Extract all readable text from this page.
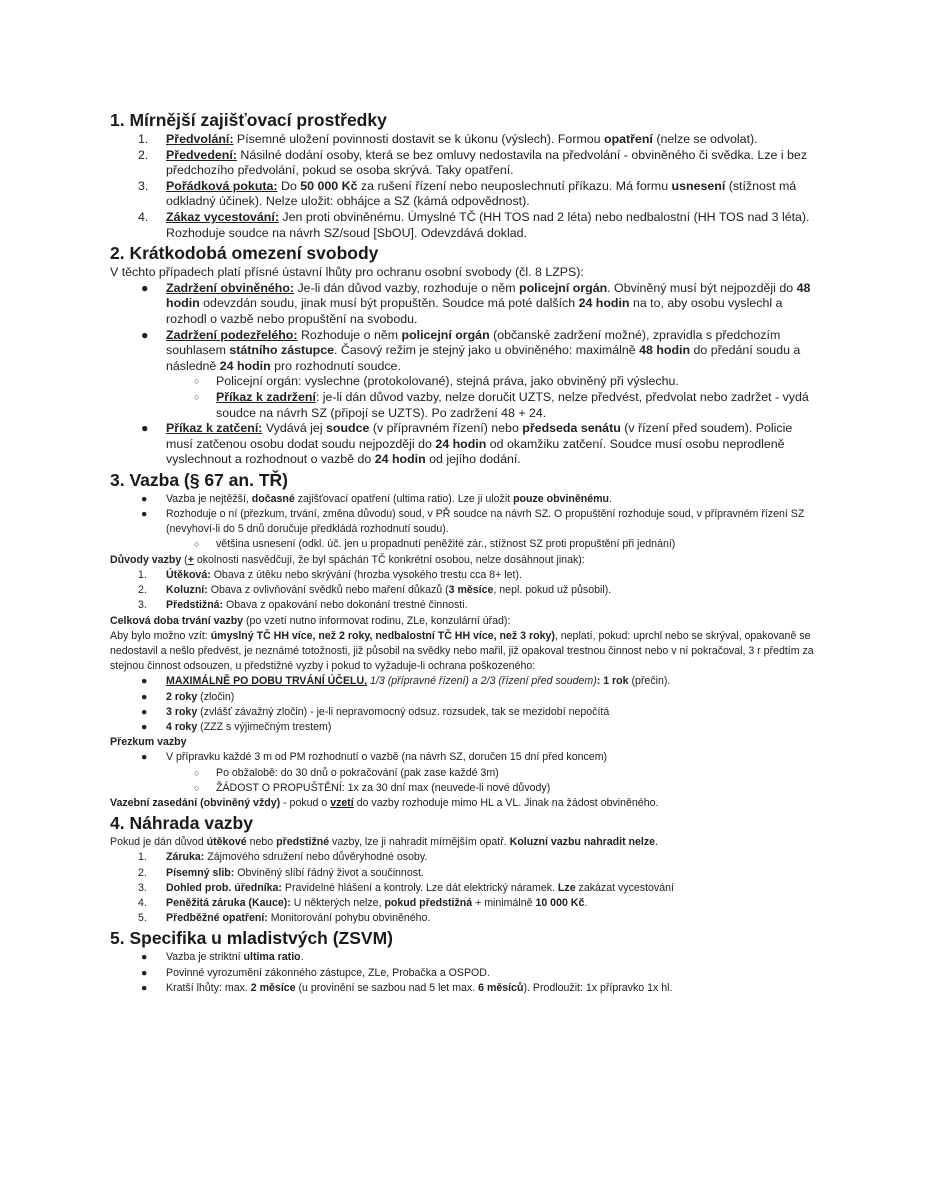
1. Mírnější zajišťovací prostředky
1. Předvolání: Písemné uložení povinnosti dostavit se k úkonu (výslech). Formou opatření (nelze se odvolat).
2. Předvedení: Násilné dodání osoby, která se bez omluvy nedostavila na předvolání - obviněného či svědka. Lze i bez předchozího předvolání, pokud se osoba skrývá. Taky opatření.
3. Pořádková pokuta: Do 50 000 Kč za rušení řízení nebo neuposlechnutí příkazu. Má formu usnesení (stížnost má odkladný účinek). Nelze uložit: obhájce a SZ (kámá odpovědnost).
4. Zákaz vycestování: Jen proti obviněnému. Úmyslné TČ (HH TOS nad 2 léta) nebo nedbalostní (HH TOS nad 3 léta). Rozhoduje soudce na návrh SZ/soud [SbOU]. Odevzdává doklad.
2. Krátkodobá omezení svobody

V těchto případech platí přísné ústavní lhůty pro ochranu osobní svobody (čl. 8 LZPS):

● Zadržení obviněného: Je-li dán důvod vazby, rozhoduje o něm policejní orgán. Obviněný musí být nejpozději do 48 hodin odevzdán soudu, jinak musí být propuštěn. Soudce má poté dalších 24 hodin na to, aby osobu vyslechl a rozhodl o vazbě nebo propuštění na svobodu.
● Zadržení podezřelého: Rozhoduje o něm policejní orgán (občanské zadržení možné), zpravidla s předchozím souhlasem státního zástupce. Časový režim je stejný jako u obviněného: maximálně 48 hodin do předání soudu a následně 24 hodin pro rozhodnutí soudce.
○ Policejní orgán: vyslechne (protokolované), stejná práva, jako obviněný při výslechu.
○ Příkaz k zadržení: je-li dán důvod vazby, nelze doručit UZTS, nelze předvést, předvolat nebo zadržet - vydá soudce na návrh SZ (připojí se UZTS). Po zadržení 48 + 24.
● Příkaz k zatčení: Vydává jej soudce (v přípravném řízení) nebo předseda senátu (v řízení před soudem). Policie musí zatčenou osobu dodat soudu nejpozději do 24 hodin od okamžiku zatčení. Soudce musí osobu neprodleně vyslechnout a rozhodnout o vazbě do 24 hodin od jejího dodání.
3. Vazba (§ 67 an. TŘ)
● Vazba je nejtěžší, dočasné zajišťovací opatření (ultima ratio). Lze ji uložit pouze obviněnému.
● Rozhoduje o ní (přezkum, trvání, změna důvodu) soud, v PŘ soudce na návrh SZ. O propuštění rozhoduje soud, v přípravném řízení SZ (nevyhoví-li do 5 dnů doručuje předkládá rozhodnutí soudu).
○ většina usnesení (odkl. úč. jen u propadnutí peněžité zár., stížnost SZ proti propuštění při jednání)

Důvody vazby (+ okolnosti nasvědčují, že byl spáchán TČ konkrétní osobou, nelze dosáhnout jinak):

1. Útěková: Obava z útěku nebo skrývání (hrozba vysokého trestu cca 8+ let).
2. Koluzní: Obava z ovlivňování svědků nebo maření důkazů (3 měsíce, nepl. pokud už působil).
3. Předstižná: Obava z opakování nebo dokonání trestné činnosti.

Celková doba trvání vazby (po vzetí nutno informovat rodinu, ZLe, konzulární úřad):

Aby bylo možno vzít: úmyslný TČ HH více, než 2 roky, nedbalostní TČ HH více, než 3 roky), neplatí, pokud: uprchl nebo se skrýval, opakovaně se nedostavil a nešlo předvést, je neznámé totožnosti, již působil na svědky nebo mařil, již opakoval trestnou činnost nebo v ní pokračoval, 3 r předtím za stejnou činnost odsouzen, u předstižné vyzby i pokud to vyžaduje-li ochrana poškozeného:

● MAXIMÁLNĚ PO DOBU TRVÁNÍ ÚČELU, 1/3 (přípravné řízení) a 2/3 (řízení před soudem): 1 rok (přečin).
● 2 roky (zločin)
● 3 roky (zvlášť závažný zločin) - je-li nepravomocný odsuz. rozsudek, tak se mezidobí nepočítá
● 4 roky (ZZZ s výjimečným trestem)

Přezkum vazby

● V přípravku každé 3 m od PM rozhodnutí o vazbě (na návrh SZ, doručen 15 dní před koncem)
○ Po obžalobě: do 30 dnů o pokračování (pak zase každé 3m)
○ ŽÁDOST O PROPUŠTĚNÍ: 1x za 30 dní max (neuvede-li nové důvody)

Vazební zasedání (obviněný vždy) - pokud o vzetí do vazby rozhoduje mimo HL a VL. Jinak na žádost obviněného.

4. Náhrada vazby

Pokud je dán důvod útěkové nebo předstižné vazby, lze ji nahradit mírnějším opatř. Koluzní vazbu nahradit nelze.

1. Záruka: Zájmového sdružení nebo důvěryhodné osoby.
2. Písemný slib: Obviněný slíbí řádný život a součinnost.
3. Dohled prob. úředníka: Pravidelné hlášení a kontroly. Lze dát elektrický náramek. Lze zakázat vycestování
4. Peněžitá záruka (Kauce): U některých nelze, pokud předstižná + minimálně 10 000 Kč.
5. Předběžné opatření: Monitorování pohybu obviněného.
5. Specifika u mladistvých (ZSVM)
● Vazba je striktní ultima ratio.
● Povinné vyrozumění zákonného zástupce, ZLe, Probačka a OSPOD.
● Kratší lhůty: max. 2 měsíce (u provinění se sazbou nad 5 let max. 6 měsíců). Prodloužit: 1x přípravko 1x hl.
